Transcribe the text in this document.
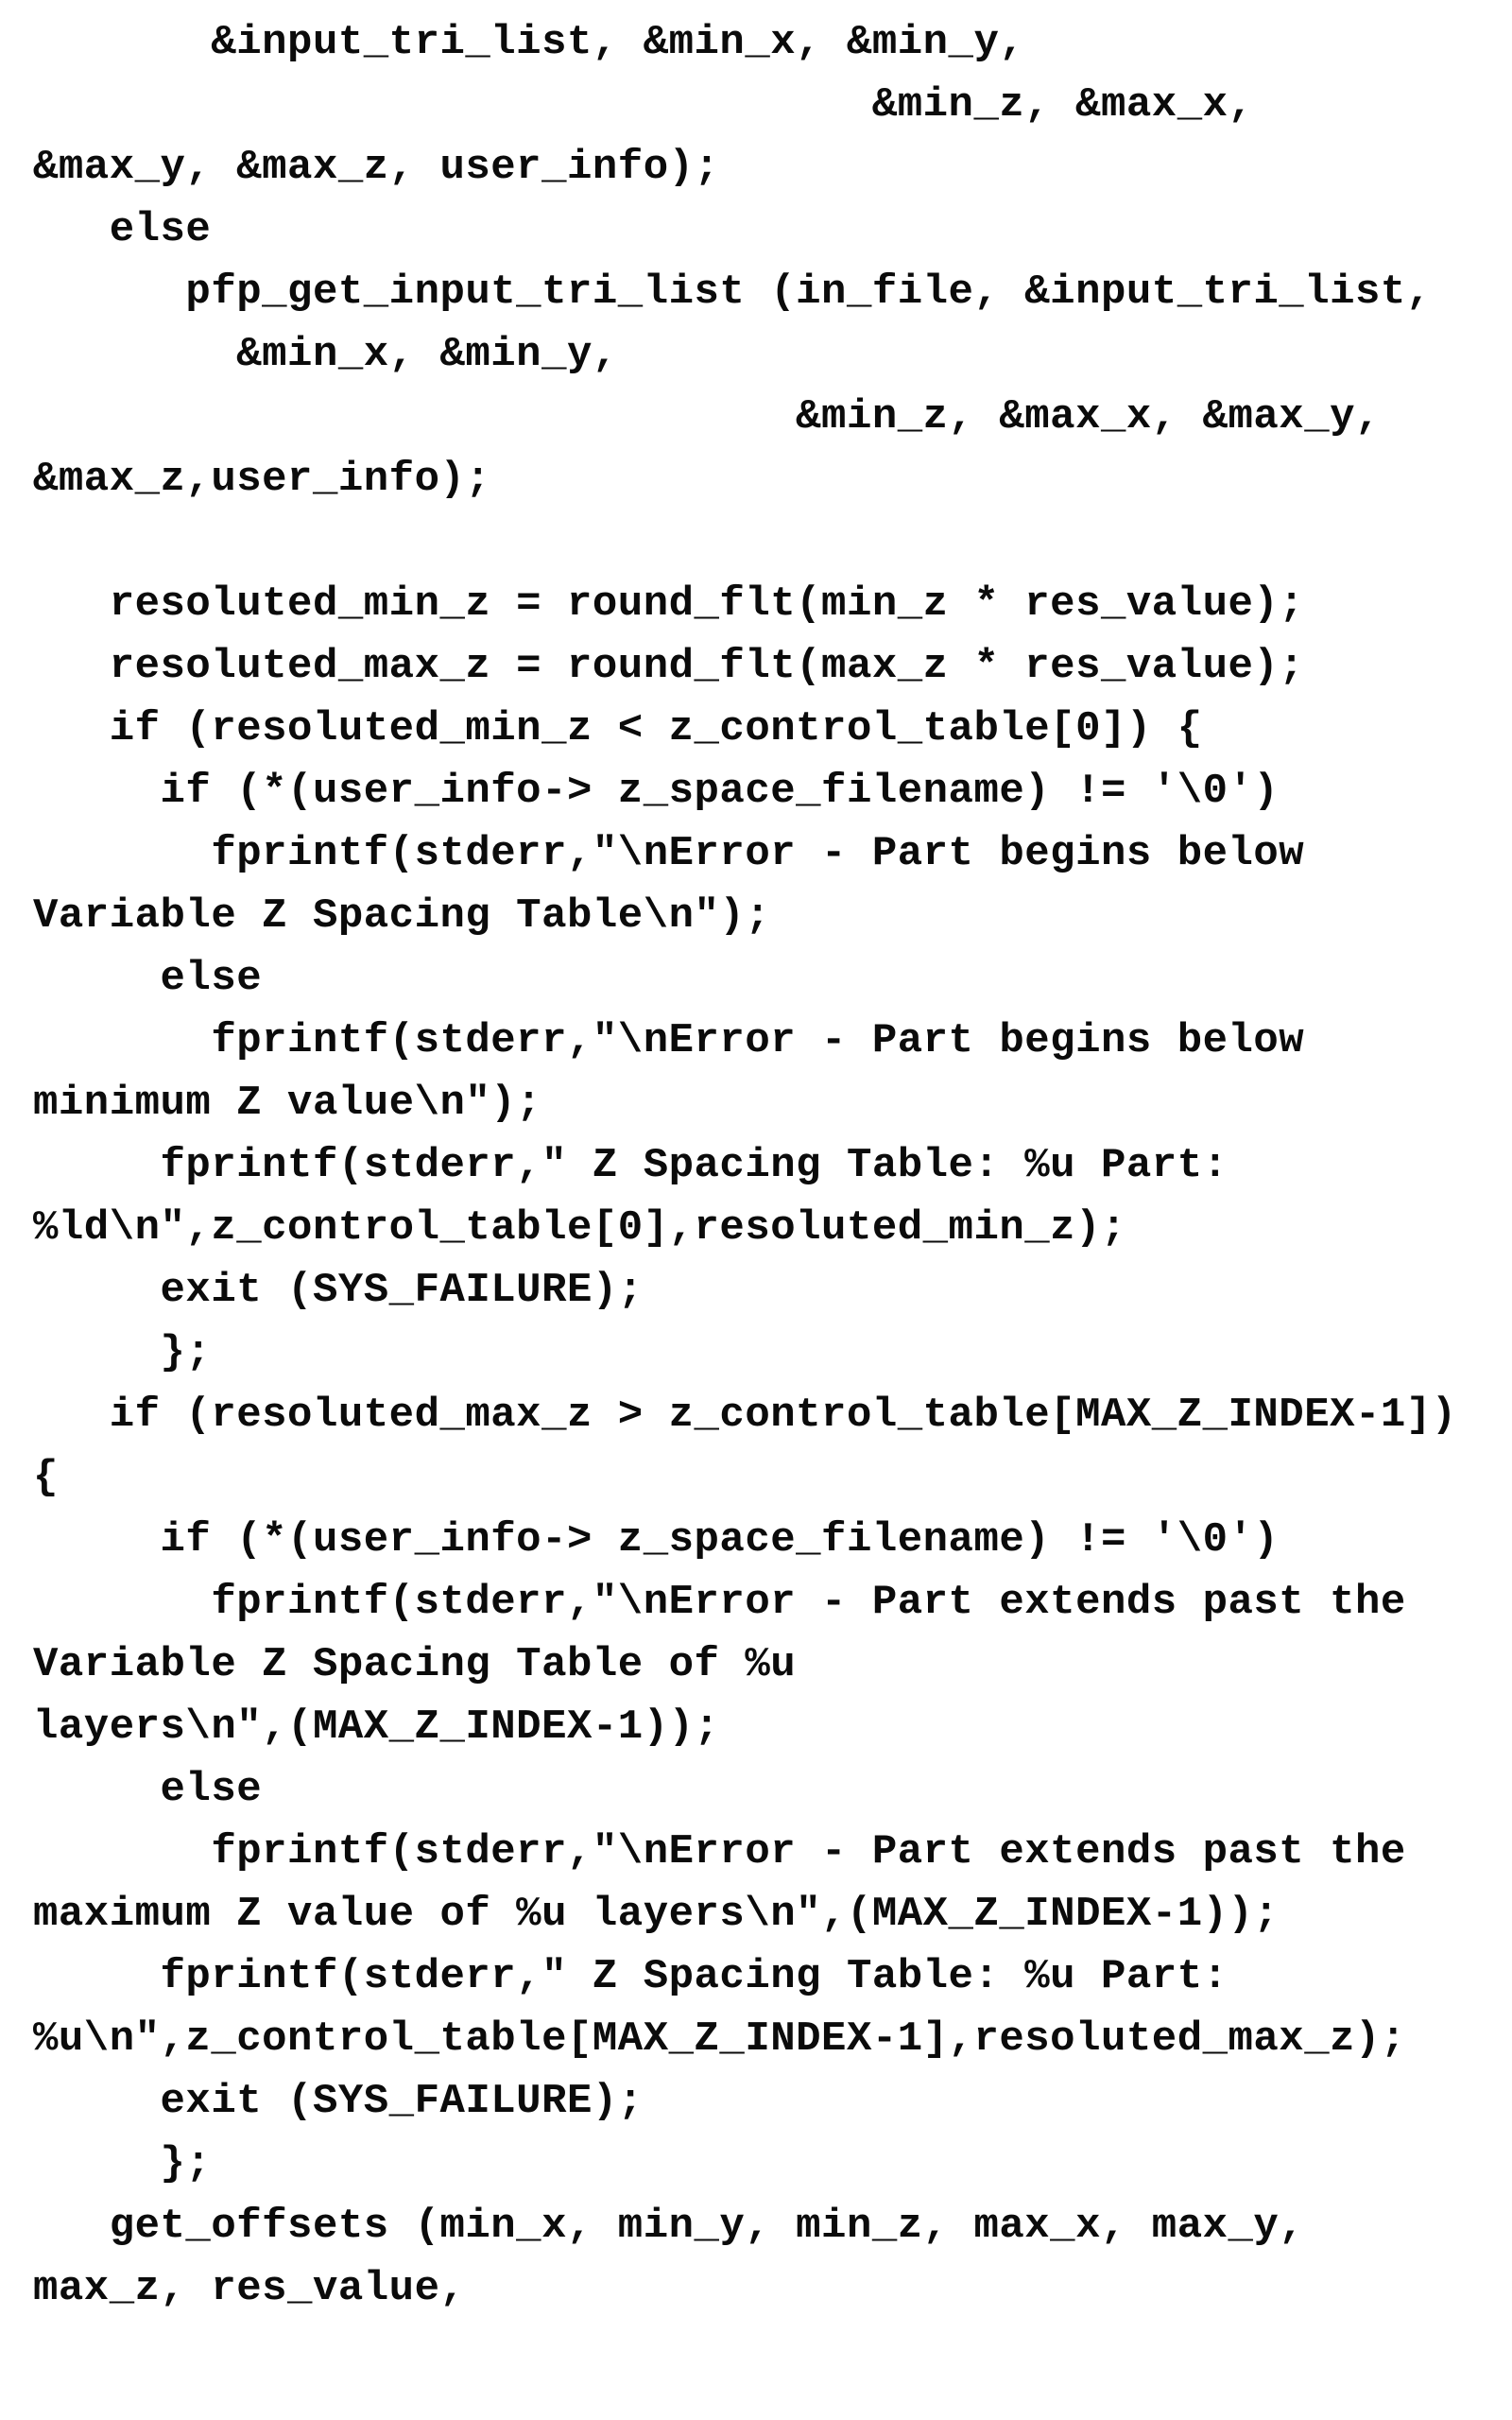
&input_tri_list, &min_x, &min_y,
&min_z, &max_x,
&max_y, &max_z, user_info);
else
pfp_get_input_tri_list (in_file, &input_tri_list,
&min_x, &min_y,
&min_z, &max_x, &max_y,
&max_z,user_info);

resoluted_min_z = round_flt(min_z * res_value);
resoluted_max_z = round_flt(max_z * res_value);
if (resoluted_min_z < z_control_table[0]) {
if (*(user_info-> z_space_filename) != '\0')
fprintf(stderr,"\nError - Part begins below
Variable Z Spacing Table\n");
else
fprintf(stderr,"\nError - Part begins below
minimum Z value\n");
fprintf(stderr," Z Spacing Table: %u Part:
%ld\n",z_control_table[0],resoluted_min_z);
exit (SYS_FAILURE);
};
if (resoluted_max_z > z_control_table[MAX_Z_INDEX-1])
{
if (*(user_info-> z_space_filename) != '\0')
fprintf(stderr,"\nError - Part extends past the
Variable Z Spacing Table of %u
layers\n",(MAX_Z_INDEX-1));
else
fprintf(stderr,"\nError - Part extends past the
maximum Z value of %u layers\n",(MAX_Z_INDEX-1));
fprintf(stderr," Z Spacing Table: %u Part:
%u\n",z_control_table[MAX_Z_INDEX-1],resoluted_max_z);
exit (SYS_FAILURE);
};
get_offsets (min_x, min_y, min_z, max_x, max_y,
max_z, res_value,
